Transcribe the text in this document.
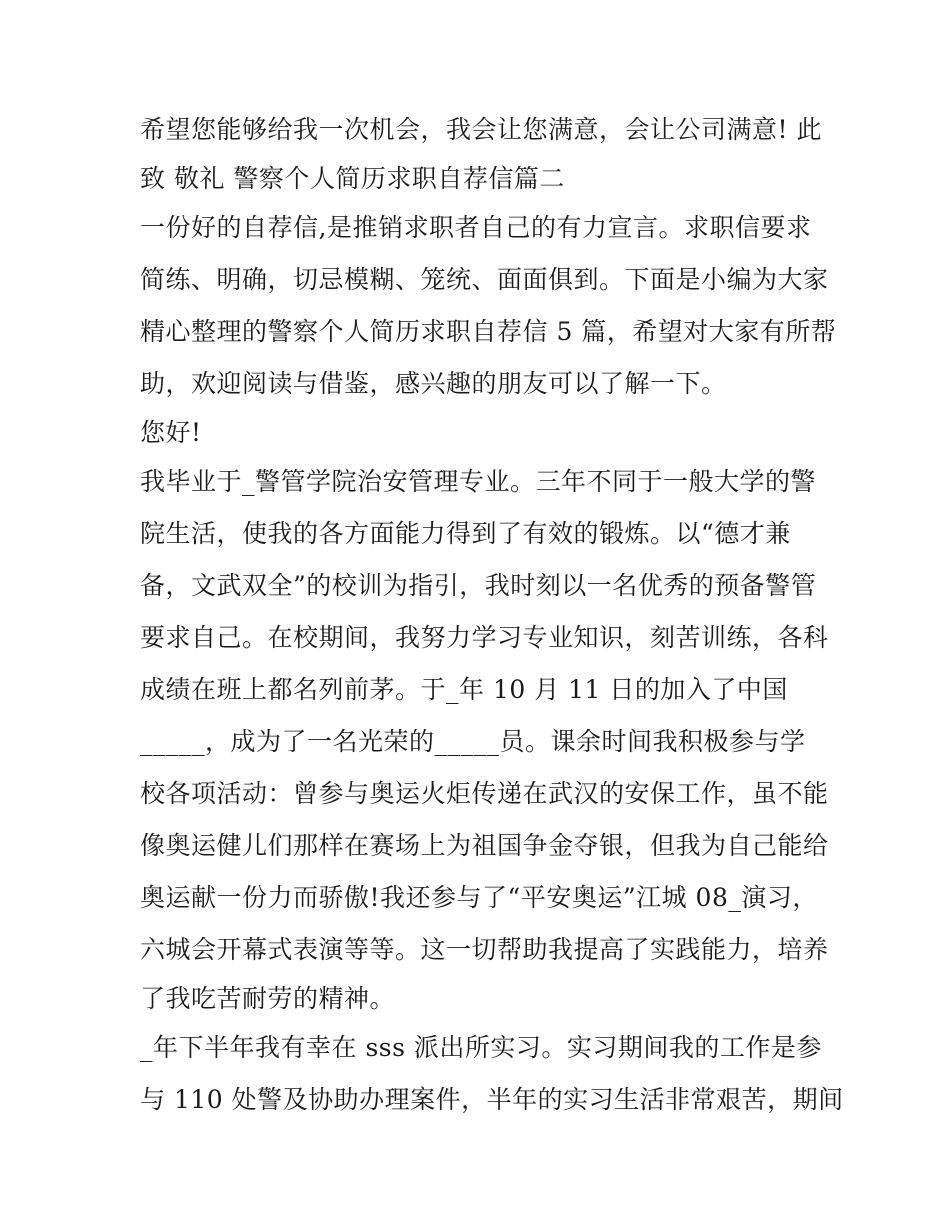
希望您能够给我一次机会，我会让您满意，会让公司满意! 此
致 敬礼 警察个人简历求职自荐信篇二
一份好的自荐信,是推销求职者自己的有力宣言。求职信要求
简练、明确，切忌模糊、笼统、面面俱到。下面是小编为大家
精心整理的警察个人简历求职自荐信 5 篇，希望对大家有所帮
助，欢迎阅读与借鉴，感兴趣的朋友可以了解一下。
您好!
我毕业于_警管学院治安管理专业。三年不同于一般大学的警
院生活，使我的各方面能力得到了有效的锻炼。以“德才兼
备，文武双全”的校训为指引，我时刻以一名优秀的预备警管
要求自己。在校期间，我努力学习专业知识，刻苦训练，各科
成绩在班上都名列前茅。于_年 10 月 11 日的加入了中国
_____，成为了一名光荣的_____员。课余时间我积极参与学
校各项活动：曾参与奥运火炬传递在武汉的安保工作，虽不能
像奥运健儿们那样在赛场上为祖国争金夺银，但我为自己能给
奥运献一份力而骄傲!我还参与了“平安奥运”江城 08_演习，
六城会开幕式表演等等。这一切帮助我提高了实践能力，培养
了我吃苦耐劳的精神。
_年下半年我有幸在 sss 派出所实习。实习期间我的工作是参
与 110 处警及协助办理案件，半年的实习生活非常艰苦，期间
